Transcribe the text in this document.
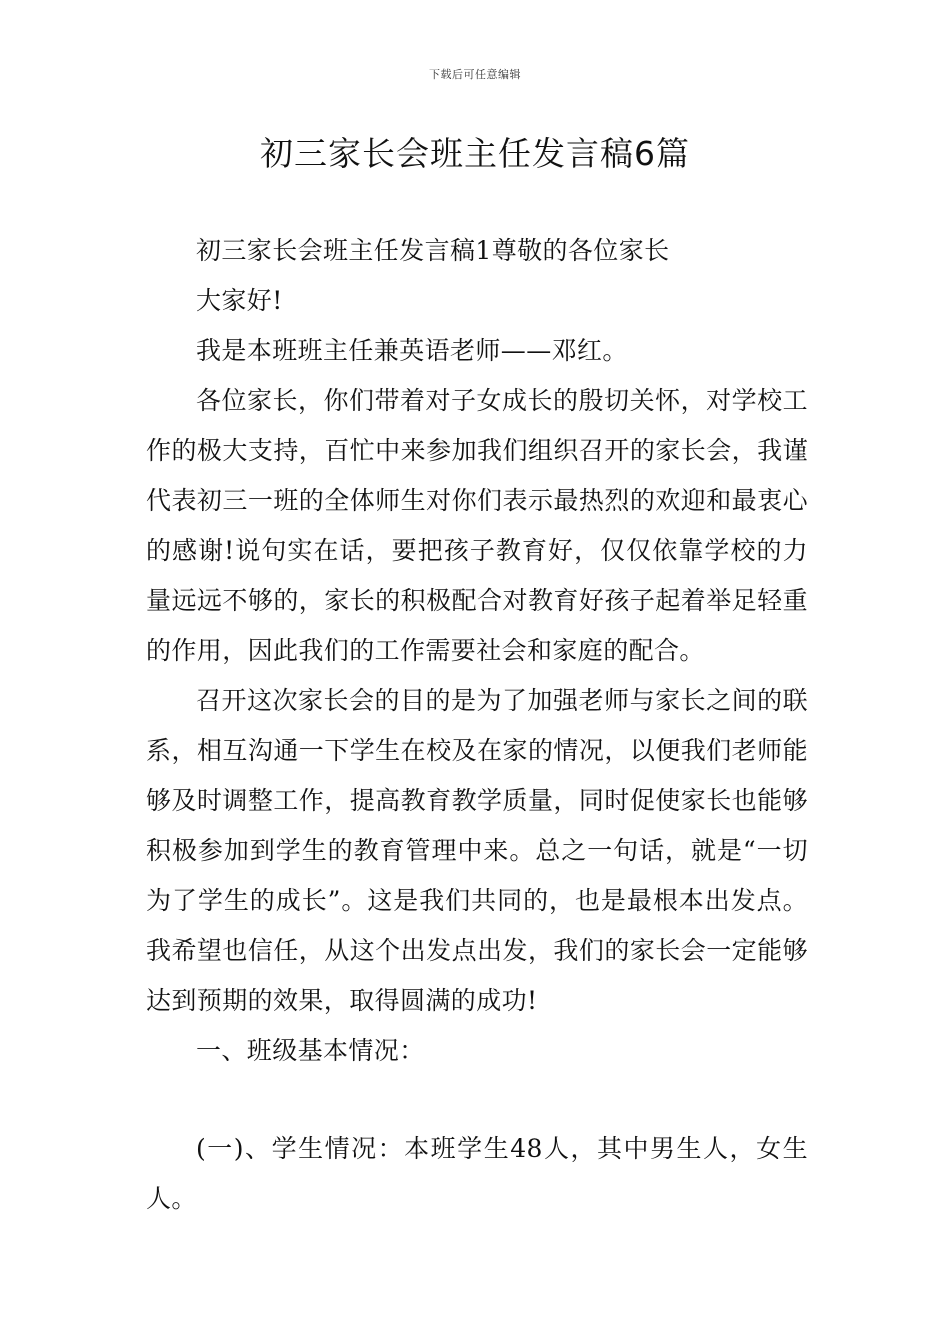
下载后可任意编辑
初三家长会班主任发言稿6篇

初三家长会班主任发言稿1尊敬的各位家长

大家好!

我是本班班主任兼英语老师——邓红。

各位家长，你们带着对子女成长的殷切关怀，对学校工作的极大支持，百忙中来参加我们组织召开的家长会，我谨代表初三一班的全体师生对你们表示最热烈的欢迎和最衷心的感谢!说句实在话，要把孩子教育好，仅仅依靠学校的力量远远不够的，家长的积极配合对教育好孩子起着举足轻重的作用，因此我们的工作需要社会和家庭的配合。

召开这次家长会的目的是为了加强老师与家长之间的联系，相互沟通一下学生在校及在家的情况，以便我们老师能够及时调整工作，提高教育教学质量，同时促使家长也能够积极参加到学生的教育管理中来。总之一句话，就是“一切为了学生的成长”。这是我们共同的，也是最根本出发点。我希望也信任，从这个出发点出发，我们的家长会一定能够达到预期的效果，取得圆满的成功!

一、班级基本情况：

(一)、学生情况：本班学生48人，其中男生人，女生人。
